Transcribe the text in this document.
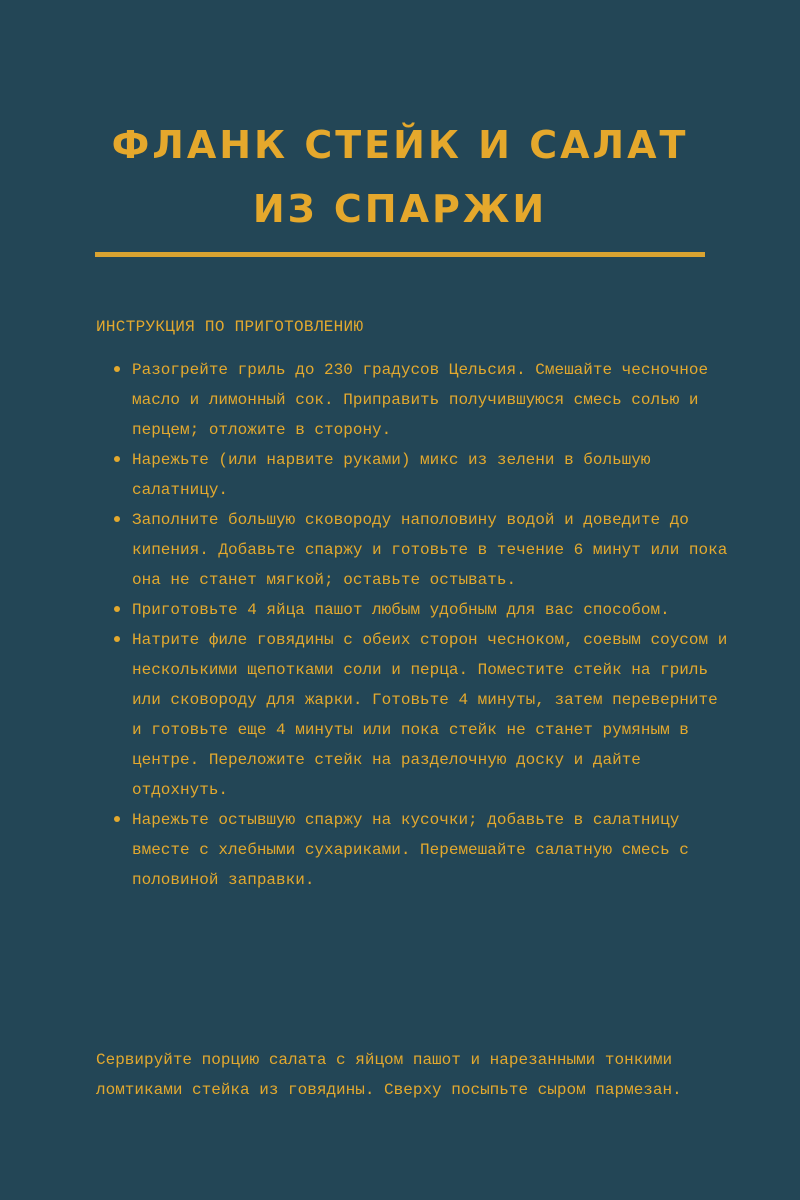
ФЛАНК СТЕЙК И САЛАТ
ИЗ СПАРЖИ
ИНСТРУКЦИЯ ПО ПРИГОТОВЛЕНИЮ
Разогрейте гриль до 230 градусов Цельсия. Смешайте чесночное масло и лимонный сок. Приправить получившуюся смесь солью и перцем; отложите в сторону.
Нарежьте (или нарвите руками) микс из зелени в большую салатницу.
Заполните большую сковороду наполовину водой и доведите до кипения. Добавьте спаржу и готовьте в течение 6 минут или пока она не станет мягкой; оставьте остывать.
Приготовьте 4 яйца пашот любым удобным для вас способом.
Натрите филе говядины с обеих сторон чесноком, соевым соусом и несколькими щепотками соли и перца. Поместите стейк на гриль или сковороду для жарки. Готовьте 4 минуты, затем переверните и готовьте еще 4 минуты или пока стейк не станет румяным в центре. Переложите стейк на разделочную доску и дайте отдохнуть.
Нарежьте остывшую спаржу на кусочки; добавьте в салатницу вместе с хлебными сухариками. Перемешайте салатную смесь с половиной заправки.

Сервируйте порцию салата с яйцом пашот и нарезанными тонкими ломтиками стейка из говядины. Сверху посыпьте сыром пармезан.
